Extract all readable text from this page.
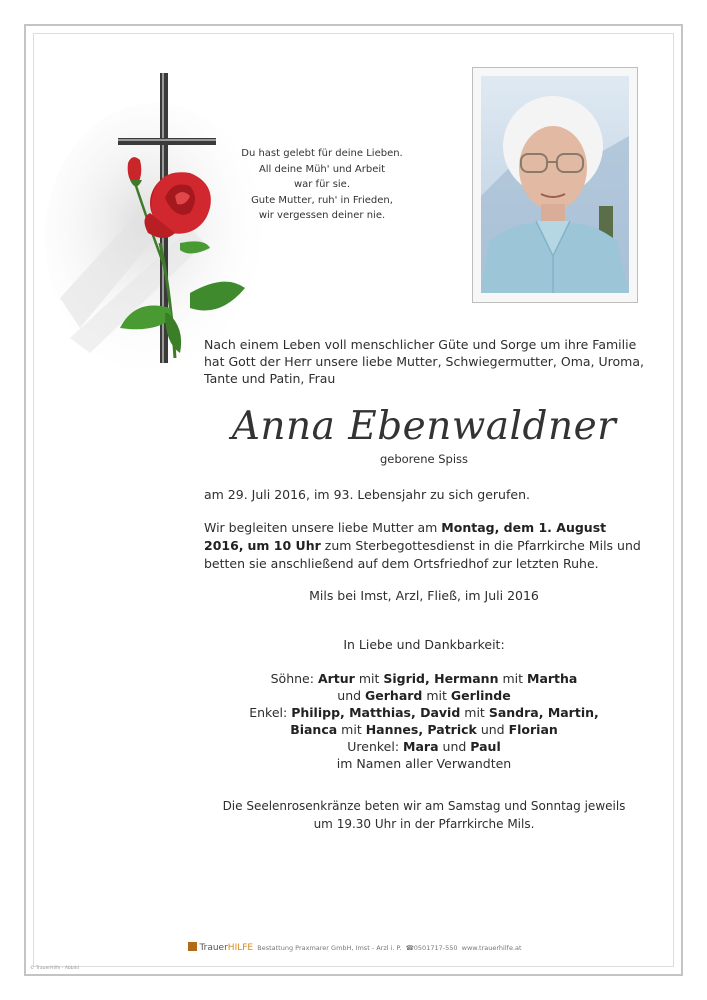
Du hast gelebt für deine Lieben.
All deine Müh' und Arbeit
war für sie.
Gute Mutter, ruh' in Frieden,
wir vergessen deiner nie.
Nach einem Leben voll menschlicher Güte und Sorge um ihre Familie hat Gott der Herr unsere liebe Mutter, Schwiegermutter, Oma, Uroma, Tante und Patin, Frau
Anna Ebenwaldner
geborene Spiss
am 29. Juli 2016, im 93. Lebensjahr zu sich gerufen.
Wir begleiten unsere liebe Mutter am Montag, dem 1. August 2016, um 10 Uhr zum Sterbegottesdienst in die Pfarrkirche Mils und betten sie anschließend auf dem Ortsfriedhof zur letzten Ruhe.
Mils bei Imst, Arzl, Fließ, im Juli 2016
In Liebe und Dankbarkeit:
Söhne: Artur mit Sigrid, Hermann mit Martha
und Gerhard mit Gerlinde
Enkel: Philipp, Matthias, David mit Sandra, Martin,
Bianca mit Hannes, Patrick und Florian
Urenkel: Mara und Paul
im Namen aller Verwandten
Die Seelenrosenkränze beten wir am Samstag und Sonntag jeweils
um 19.30 Uhr in der Pfarrkirche Mils.
TrauerHILFE Bestattung Praxmarer GmbH, Imst - Arzl i. P. ☎0501717-550 www.trauerhilfe.at
© TrauerHilfe - Abbild
